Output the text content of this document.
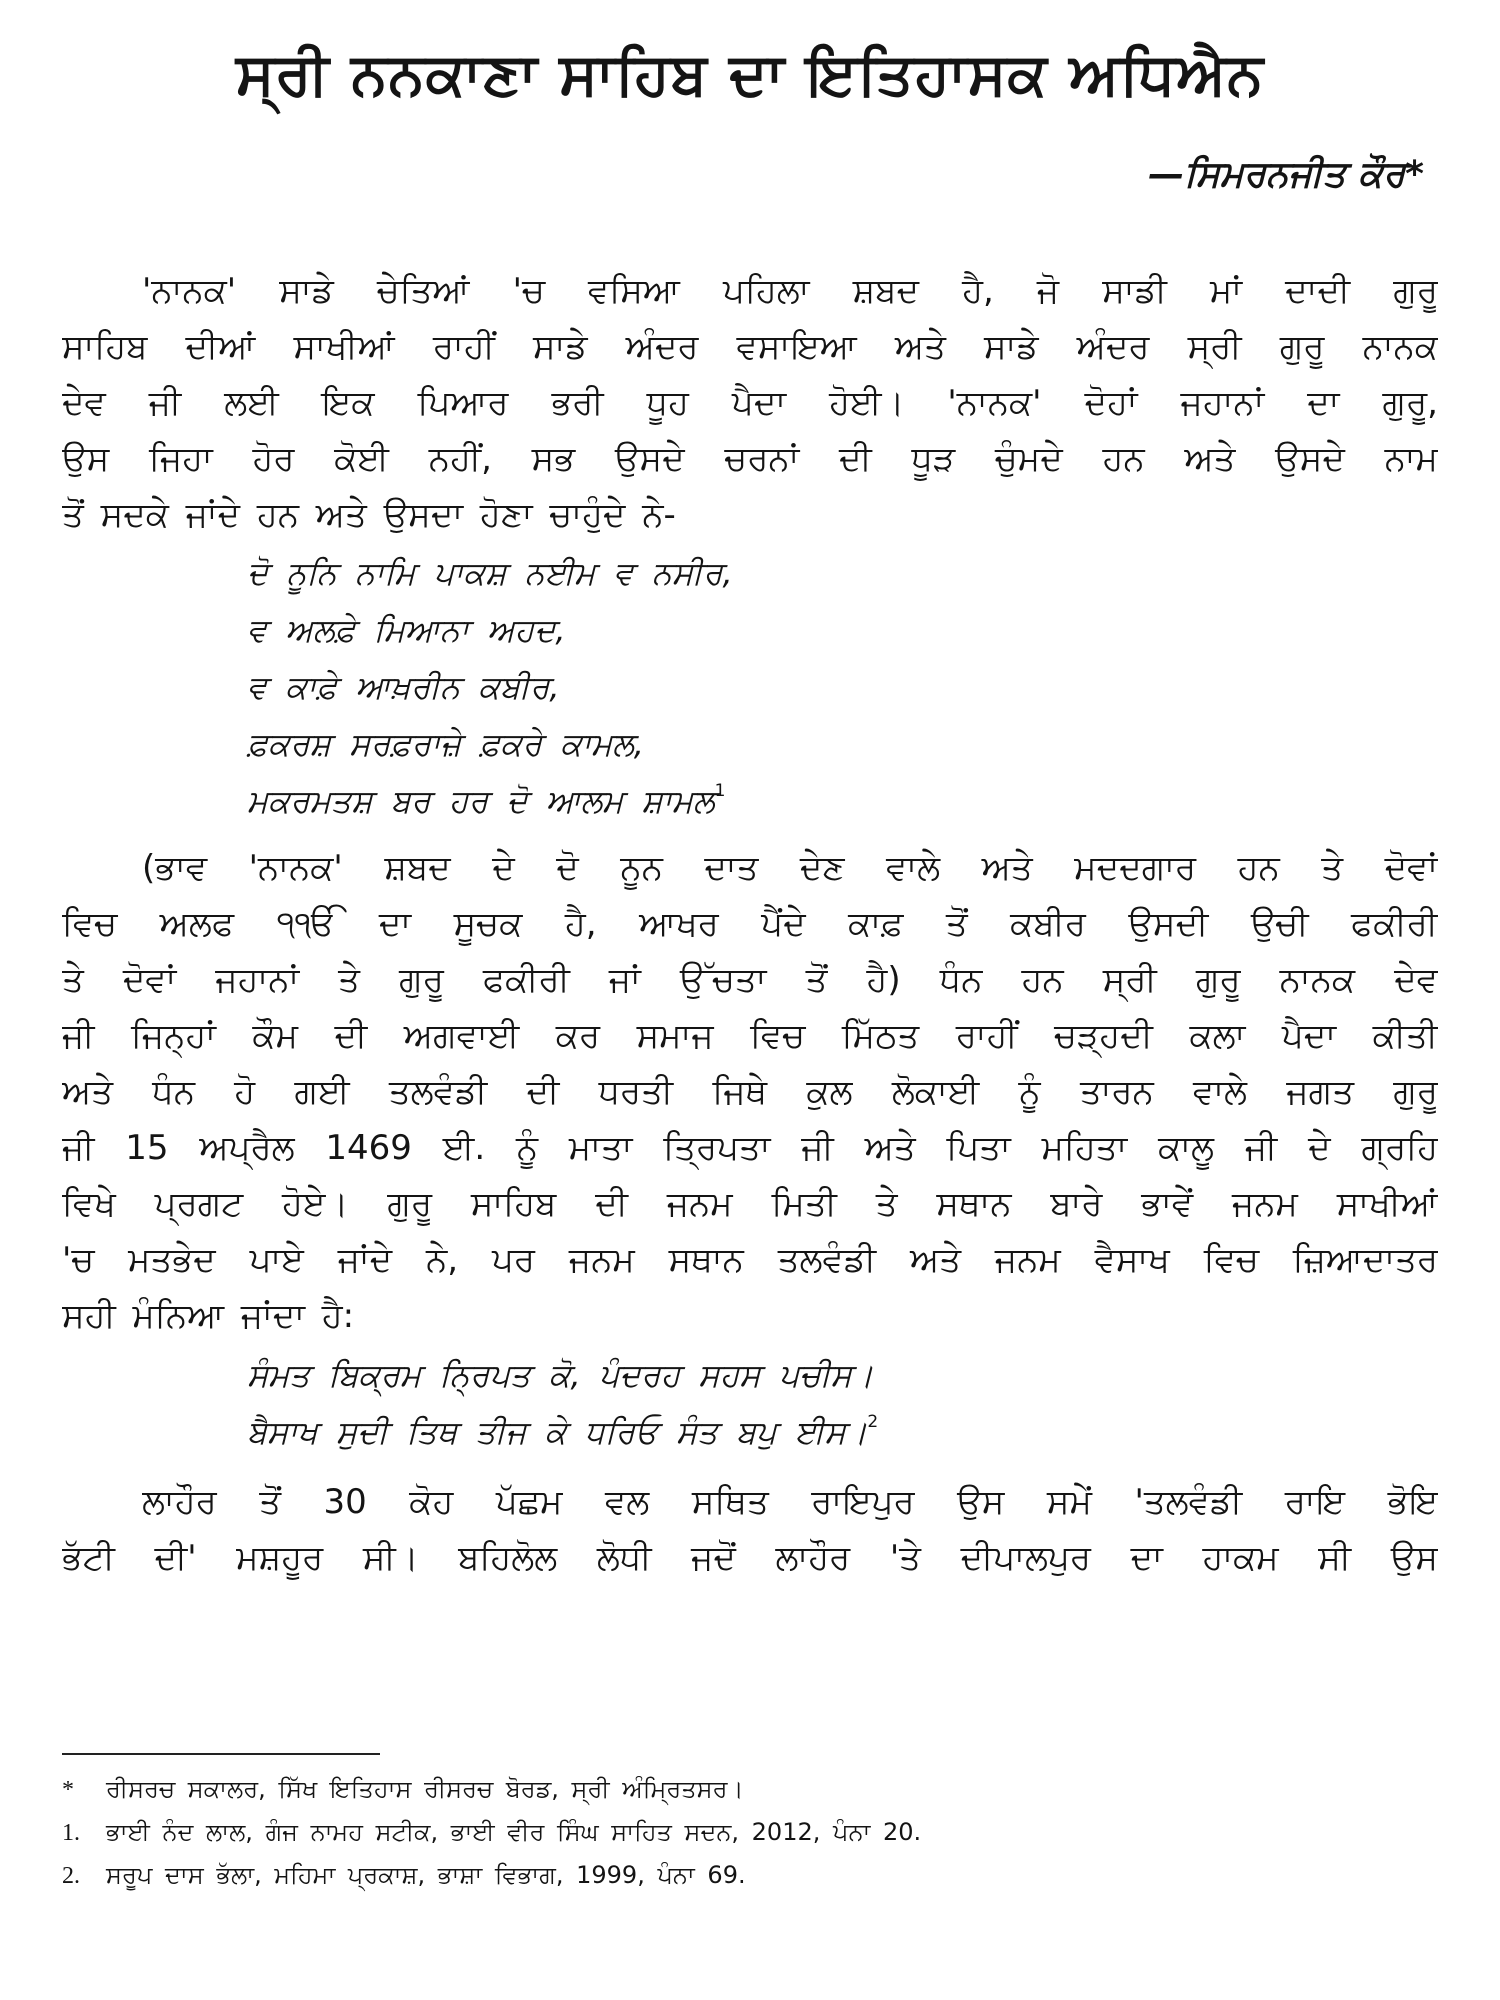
ਸ੍ਰੀ ਨਨਕਾਣਾ ਸਾਹਿਬ ਦਾ ਇਤਿਹਾਸਕ ਅਧਿਐਨ
—ਸਿਮਰਨਜੀਤ ਕੌਰ*
'ਨਾਨਕ' ਸਾਡੇ ਚੇਤਿਆਂ 'ਚ ਵਸਿਆ ਪਹਿਲਾ ਸ਼ਬਦ ਹੈ, ਜੋ ਸਾਡੀ ਮਾਂ ਦਾਦੀ ਗੁਰੂ
ਸਾਹਿਬ ਦੀਆਂ ਸਾਖੀਆਂ ਰਾਹੀਂ ਸਾਡੇ ਅੰਦਰ ਵਸਾਇਆ ਅਤੇ ਸਾਡੇ ਅੰਦਰ ਸ੍ਰੀ ਗੁਰੂ ਨਾਨਕ
ਦੇਵ ਜੀ ਲਈ ਇਕ ਪਿਆਰ ਭਰੀ ਧੂਹ ਪੈਦਾ ਹੋਈ। 'ਨਾਨਕ' ਦੋਹਾਂ ਜਹਾਨਾਂ ਦਾ ਗੁਰੂ,
ਉਸ ਜਿਹਾ ਹੋਰ ਕੋਈ ਨਹੀਂ, ਸਭ ਉਸਦੇ ਚਰਨਾਂ ਦੀ ਧੂੜ ਚੁੰਮਦੇ ਹਨ ਅਤੇ ਉਸਦੇ ਨਾਮ
ਤੋਂ ਸਦਕੇ ਜਾਂਦੇ ਹਨ ਅਤੇ ਉਸਦਾ ਹੋਣਾ ਚਾਹੁੰਦੇ ਨੇ-
ਦੋ ਨੂਨਿ ਨਾਮਿ ਪਾਕਸ਼ ਨਈਮ ਵ ਨਸੀਰ,
ਵ ਅਲਫ਼ੇ ਮਿਆਨਾ ਅਹਦ,
ਵ ਕਾਫ਼ੇ ਆਖ਼ਰੀਨ ਕਬੀਰ,
ਫ਼ਕਰਸ਼ ਸਰਫ਼ਰਾਜ਼ੇ ਫ਼ਕਰੇ ਕਾਮਲ,
ਮਕਰਮਤਸ਼ ਬਰ ਹਰ ਦੋ ਆਲਮ ਸ਼ਾਮਲ$^1$
(ਭਾਵ 'ਨਾਨਕ' ਸ਼ਬਦ ਦੇ ਦੋ ਨੂਨ ਦਾਤ ਦੇਣ ਵਾਲੇ ਅਤੇ ਮਦਦਗਾਰ ਹਨ ਤੇ ਦੋਵਾਂ
ਵਿਚ ਅਲਫ ੧ੴ ਦਾ ਸੂਚਕ ਹੈ, ਆਖਰ ਪੈਂਦੇ ਕਾਫ਼ ਤੋਂ ਕਬੀਰ ਉਸਦੀ ਉਚੀ ਫਕੀਰੀ
ਤੇ ਦੋਵਾਂ ਜਹਾਨਾਂ ਤੇ ਗੁਰੂ ਫਕੀਰੀ ਜਾਂ ਉੱਚਤਾ ਤੋਂ ਹੈ) ਧੰਨ ਹਨ ਸ੍ਰੀ ਗੁਰੂ ਨਾਨਕ ਦੇਵ
ਜੀ ਜਿਨ੍ਹਾਂ ਕੌਮ ਦੀ ਅਗਵਾਈ ਕਰ ਸਮਾਜ ਵਿਚ ਮਿੱਠਤ ਰਾਹੀਂ ਚੜ੍ਹਦੀ ਕਲਾ ਪੈਦਾ ਕੀਤੀ
ਅਤੇ ਧੰਨ ਹੋ ਗਈ ਤਲਵੰਡੀ ਦੀ ਧਰਤੀ ਜਿਥੇ ਕੁਲ ਲੋਕਾਈ ਨੂੰ ਤਾਰਨ ਵਾਲੇ ਜਗਤ ਗੁਰੂ
ਜੀ 15 ਅਪ੍ਰੈਲ 1469 ਈ. ਨੂੰ ਮਾਤਾ ਤ੍ਰਿਪਤਾ ਜੀ ਅਤੇ ਪਿਤਾ ਮਹਿਤਾ ਕਾਲੂ ਜੀ ਦੇ ਗ੍ਰਹਿ
ਵਿਖੇ ਪ੍ਰਗਟ ਹੋਏ। ਗੁਰੂ ਸਾਹਿਬ ਦੀ ਜਨਮ ਮਿਤੀ ਤੇ ਸਥਾਨ ਬਾਰੇ ਭਾਵੇਂ ਜਨਮ ਸਾਖੀਆਂ
'ਚ ਮਤਭੇਦ ਪਾਏ ਜਾਂਦੇ ਨੇ, ਪਰ ਜਨਮ ਸਥਾਨ ਤਲਵੰਡੀ ਅਤੇ ਜਨਮ ਵੈਸਾਖ ਵਿਚ ਜ਼ਿਆਦਾਤਰ
ਸਹੀ ਮੰਨਿਆ ਜਾਂਦਾ ਹੈ:
ਸੰਮਤ ਬਿਕ੍ਰਮ ਨ੍ਰਿਪਤ ਕੋ, ਪੰਦਰਹ ਸਹਸ ਪਚੀਸ।
ਬੈਸਾਖ ਸੁਦੀ ਤਿਥ ਤੀਜ ਕੇ ਧਰਿਓ ਸੰਤ ਬਪੁ ਈਸ।$^2$
ਲਾਹੌਰ ਤੋਂ 30 ਕੋਹ ਪੱਛਮ ਵਲ ਸਥਿਤ ਰਾਇਪੁਰ ਉਸ ਸਮੇਂ 'ਤਲਵੰਡੀ ਰਾਇ ਭੋਇ
ਭੱਟੀ ਦੀ' ਮਸ਼ਹੂਰ ਸੀ। ਬਹਿਲੋਲ ਲੋਧੀ ਜਦੋਂ ਲਾਹੌਰ 'ਤੇ ਦੀਪਾਲਪੁਰ ਦਾ ਹਾਕਮ ਸੀ ਉਸ
* ਰੀਸਰਚ ਸਕਾਲਰ, ਸਿੱਖ ਇਤਿਹਾਸ ਰੀਸਰਚ ਬੋਰਡ, ਸ੍ਰੀ ਅੰਮ੍ਰਿਤਸਰ।
1. ਭਾਈ ਨੰਦ ਲਾਲ, ਗੰਜ ਨਾਮਹ ਸਟੀਕ, ਭਾਈ ਵੀਰ ਸਿੰਘ ਸਾਹਿਤ ਸਦਨ, 2012, ਪੰਨਾ 20.
2. ਸਰੂਪ ਦਾਸ ਭੱਲਾ, ਮਹਿਮਾ ਪ੍ਰਕਾਸ਼, ਭਾਸ਼ਾ ਵਿਭਾਗ, 1999, ਪੰਨਾ 69.
